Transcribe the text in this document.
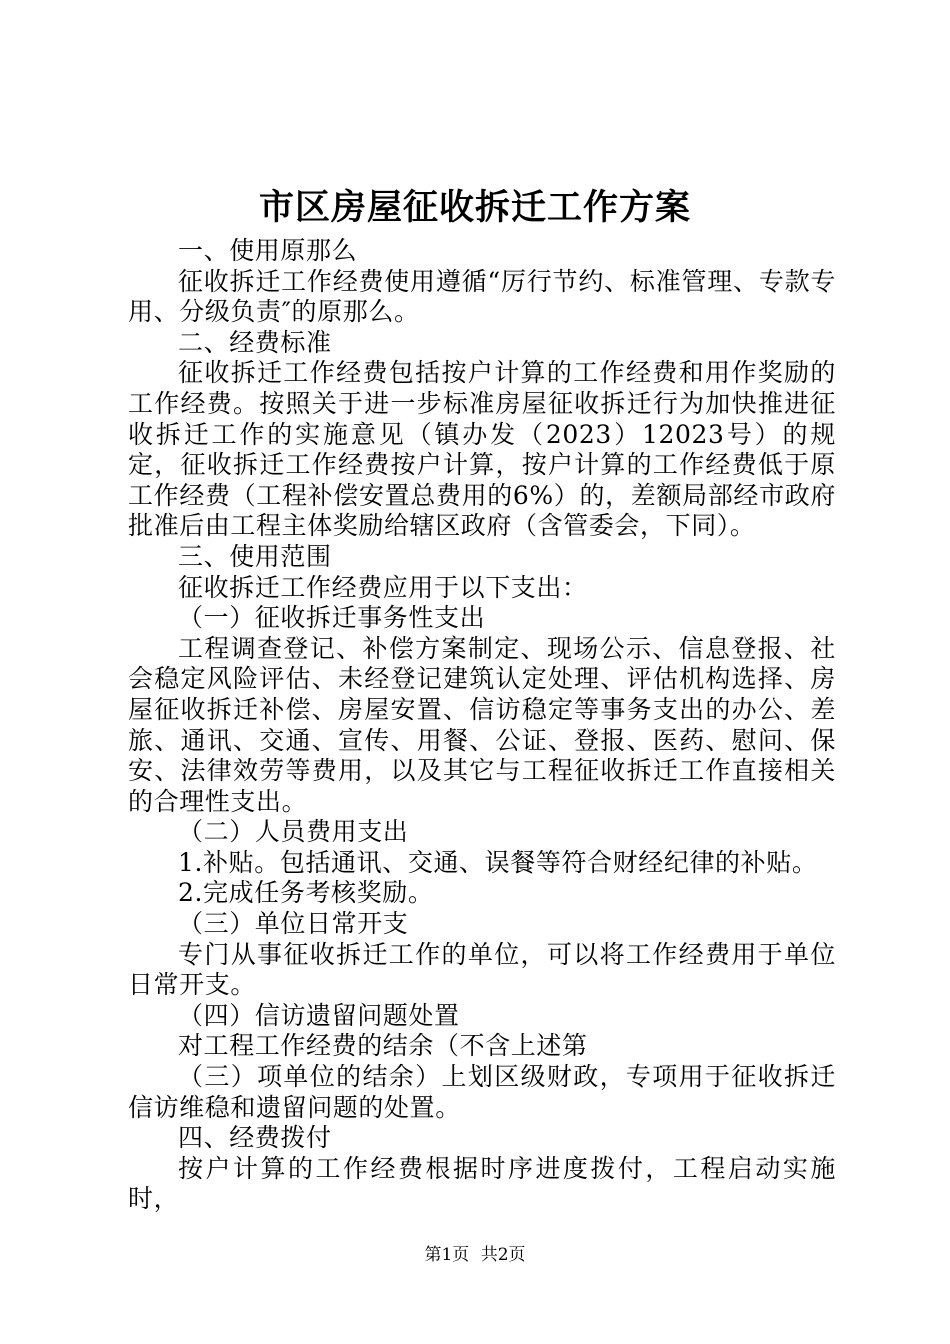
市区房屋征收拆迁工作方案

一、使用原那么

征收拆迁工作经费使用遵循“厉行节约、标准管理、专款专用、分级负责″的原那么。

二、经费标准

征收拆迁工作经费包括按户计算的工作经费和用作奖励的工作经费。按照关于进一步标准房屋征收拆迁行为加快推进征收拆迁工作的实施意见（镇办发（2023）12023号）的规定，征收拆迁工作经费按户计算，按户计算的工作经费低于原工作经费（工程补偿安置总费用的6%）的，差额局部经市政府批准后由工程主体奖励给辖区政府（含管委会，下同）。

三、使用范围

征收拆迁工作经费应用于以下支出：

（一）征收拆迁事务性支出

工程调查登记、补偿方案制定、现场公示、信息登报、社会稳定风险评估、未经登记建筑认定处理、评估机构选择、房屋征收拆迁补偿、房屋安置、信访稳定等事务支出的办公、差旅、通讯、交通、宣传、用餐、公证、登报、医药、慰问、保安、法律效劳等费用，以及其它与工程征收拆迁工作直接相关的合理性支出。

（二）人员费用支出

1.补贴。包括通讯、交通、误餐等符合财经纪律的补贴。

2.完成任务考核奖励。

（三）单位日常开支

专门从事征收拆迁工作的单位，可以将工作经费用于单位日常开支。

（四）信访遗留问题处置

对工程工作经费的结余（不含上述第

（三）项单位的结余）上划区级财政，专项用于征收拆迁信访维稳和遗留问题的处置。

四、经费拨付

按户计算的工作经费根据时序进度拨付，工程启动实施时，

第1页 共2页
